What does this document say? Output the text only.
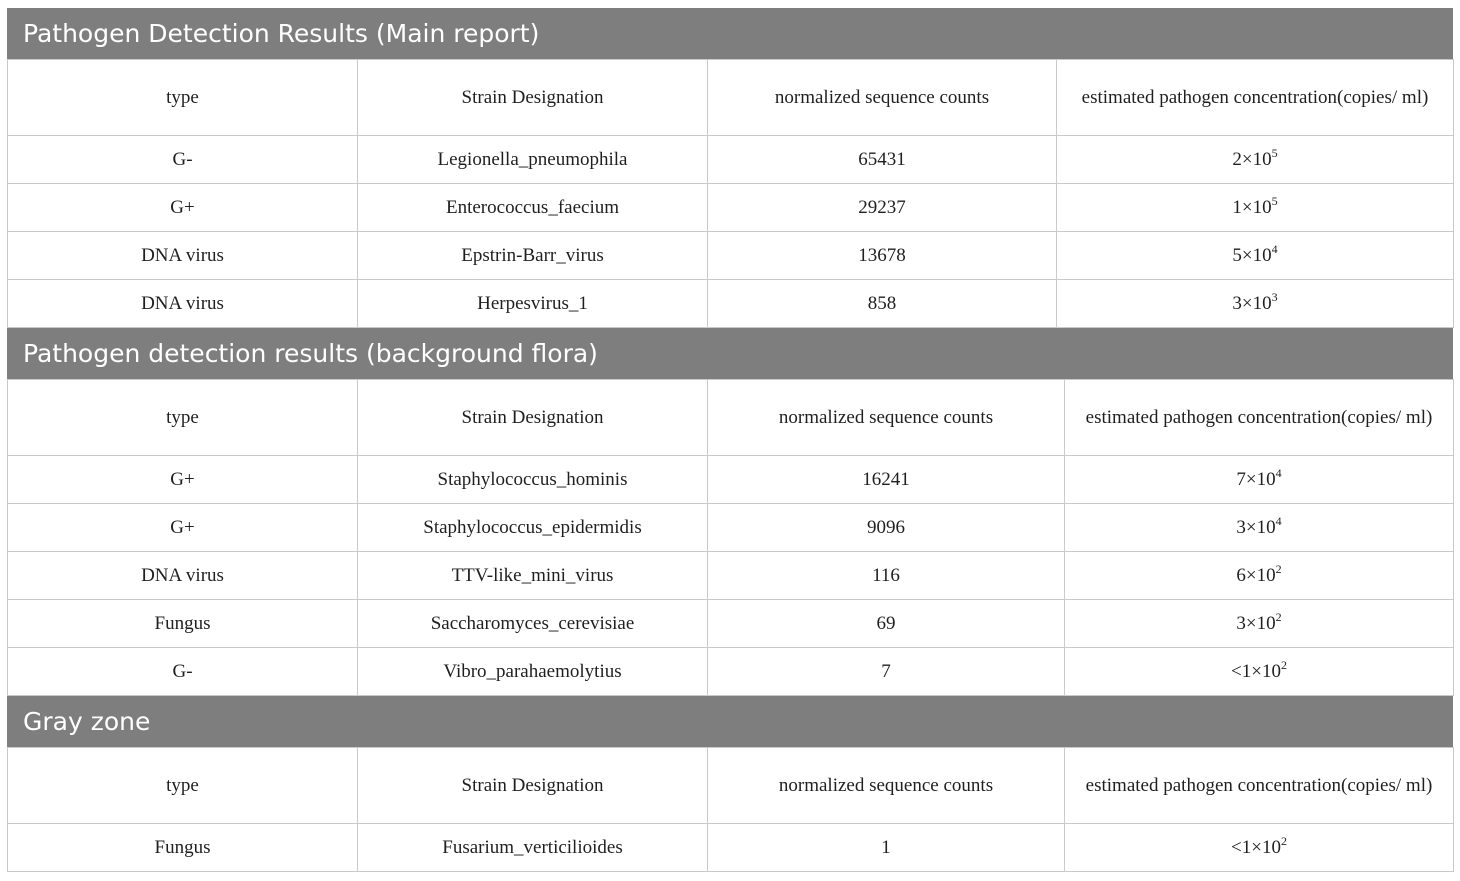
Pathogen Detection Results (Main report)
type	Strain Designation	normalized sequence counts	estimated pathogen concentration(copies/ ml)
G-	Legionella_pneumophila	65431	$2\times 10^5$
G+	Enterococcus_faecium	29237	$1\times 10^5$
DNA virus	Epstrin-Barr_virus	13678	$5\times 10^4$
DNA virus	Herpesvirus_1	858	$3\times 10^3$
Pathogen detection results (background flora)
type	Strain Designation	normalized sequence counts	estimated pathogen concentration(copies/ ml)
G+	Staphylococcus_hominis	16241	$7\times 10^4$
G+	Staphylococcus_epidermidis	9096	$3\times 10^4$
DNA virus	TTV-like_mini_virus	116	$6\times 10^2$
Fungus	Saccharomyces_cerevisiae	69	$3\times 10^2$
G-	Vibro_parahaemolytius	7	$<1\times 10^2$
Gray zone
type	Strain Designation	normalized sequence counts	estimated pathogen concentration(copies/ ml)
Fungus	Fusarium_verticilioides	1	$<1\times 10^2$
